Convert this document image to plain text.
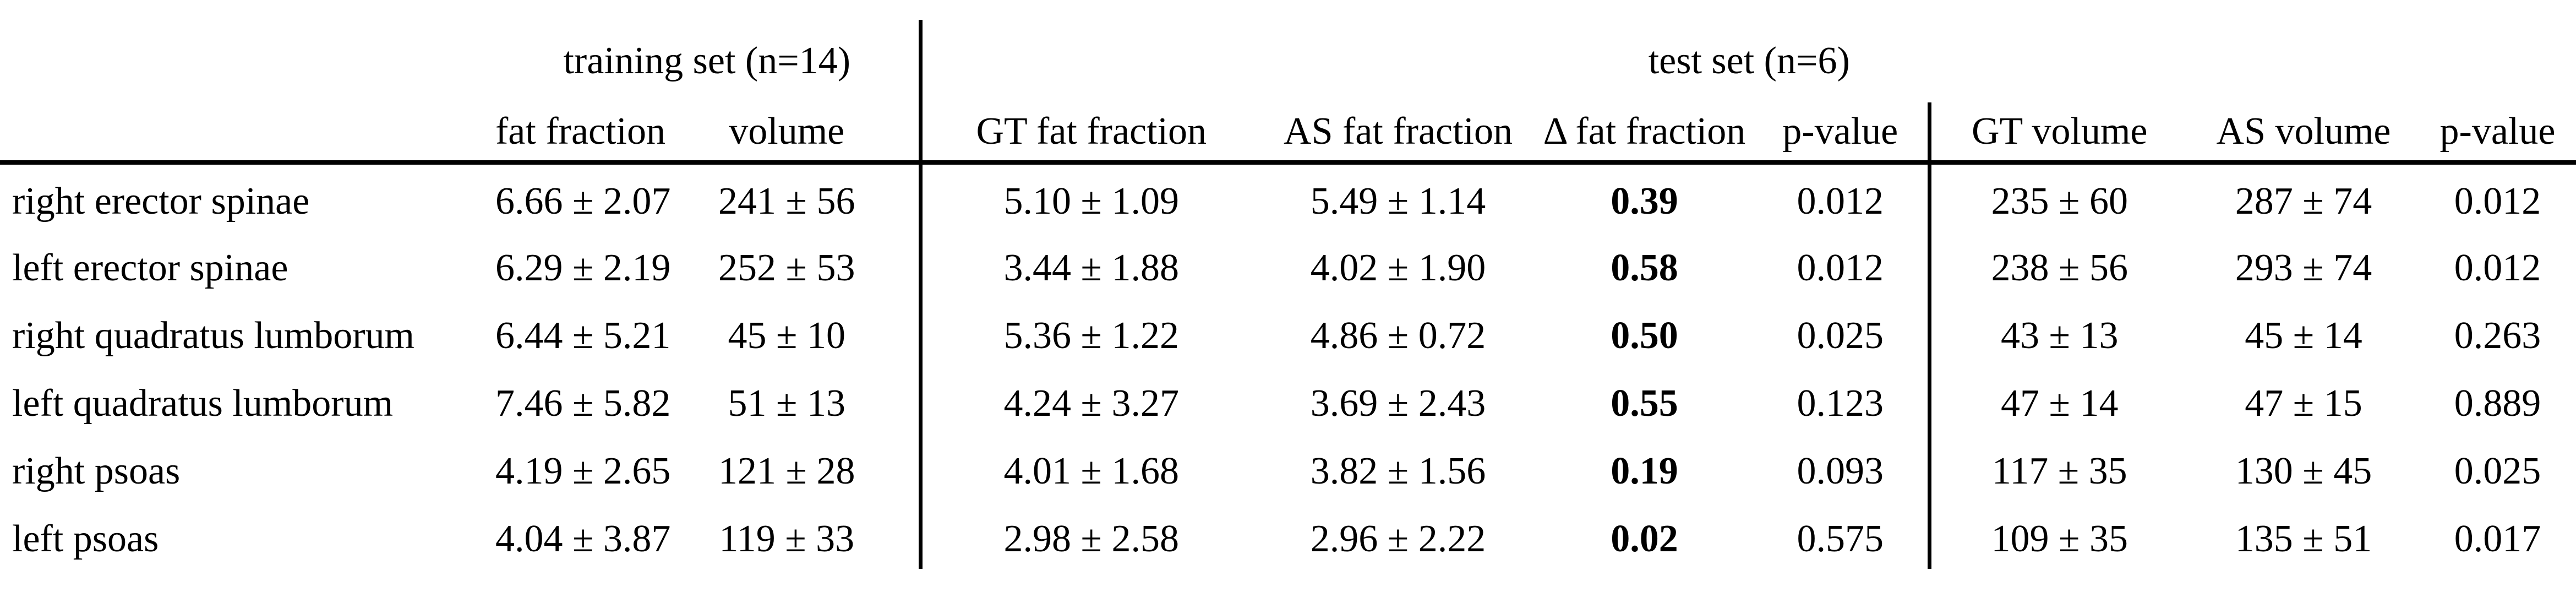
	training set (n=14)		test set (n=6)						
	fat fraction	volume	GT fat fraction	AS fat fraction	Δ fat fraction	p-value	GT volume	AS volume	p-value
right erector spinae	6.66 ± 2.07	241 ± 56	5.10 ± 1.09	5.49 ± 1.14	0.39	0.012	235 ± 60	287 ± 74	0.012
left erector spinae	6.29 ± 2.19	252 ± 53	3.44 ± 1.88	4.02 ± 1.90	0.58	0.012	238 ± 56	293 ± 74	0.012
right quadratus lumborum	6.44 ± 5.21	45 ± 10	5.36 ± 1.22	4.86 ± 0.72	0.50	0.025	43 ± 13	45 ± 14	0.263
left quadratus lumborum	7.46 ± 5.82	51 ± 13	4.24 ± 3.27	3.69 ± 2.43	0.55	0.123	47 ± 14	47 ± 15	0.889
right psoas	4.19 ± 2.65	121 ± 28	4.01 ± 1.68	3.82 ± 1.56	0.19	0.093	117 ± 35	130 ± 45	0.025
left psoas	4.04 ± 3.87	119 ± 33	2.98 ± 2.58	2.96 ± 2.22	0.02	0.575	109 ± 35	135 ± 51	0.017
